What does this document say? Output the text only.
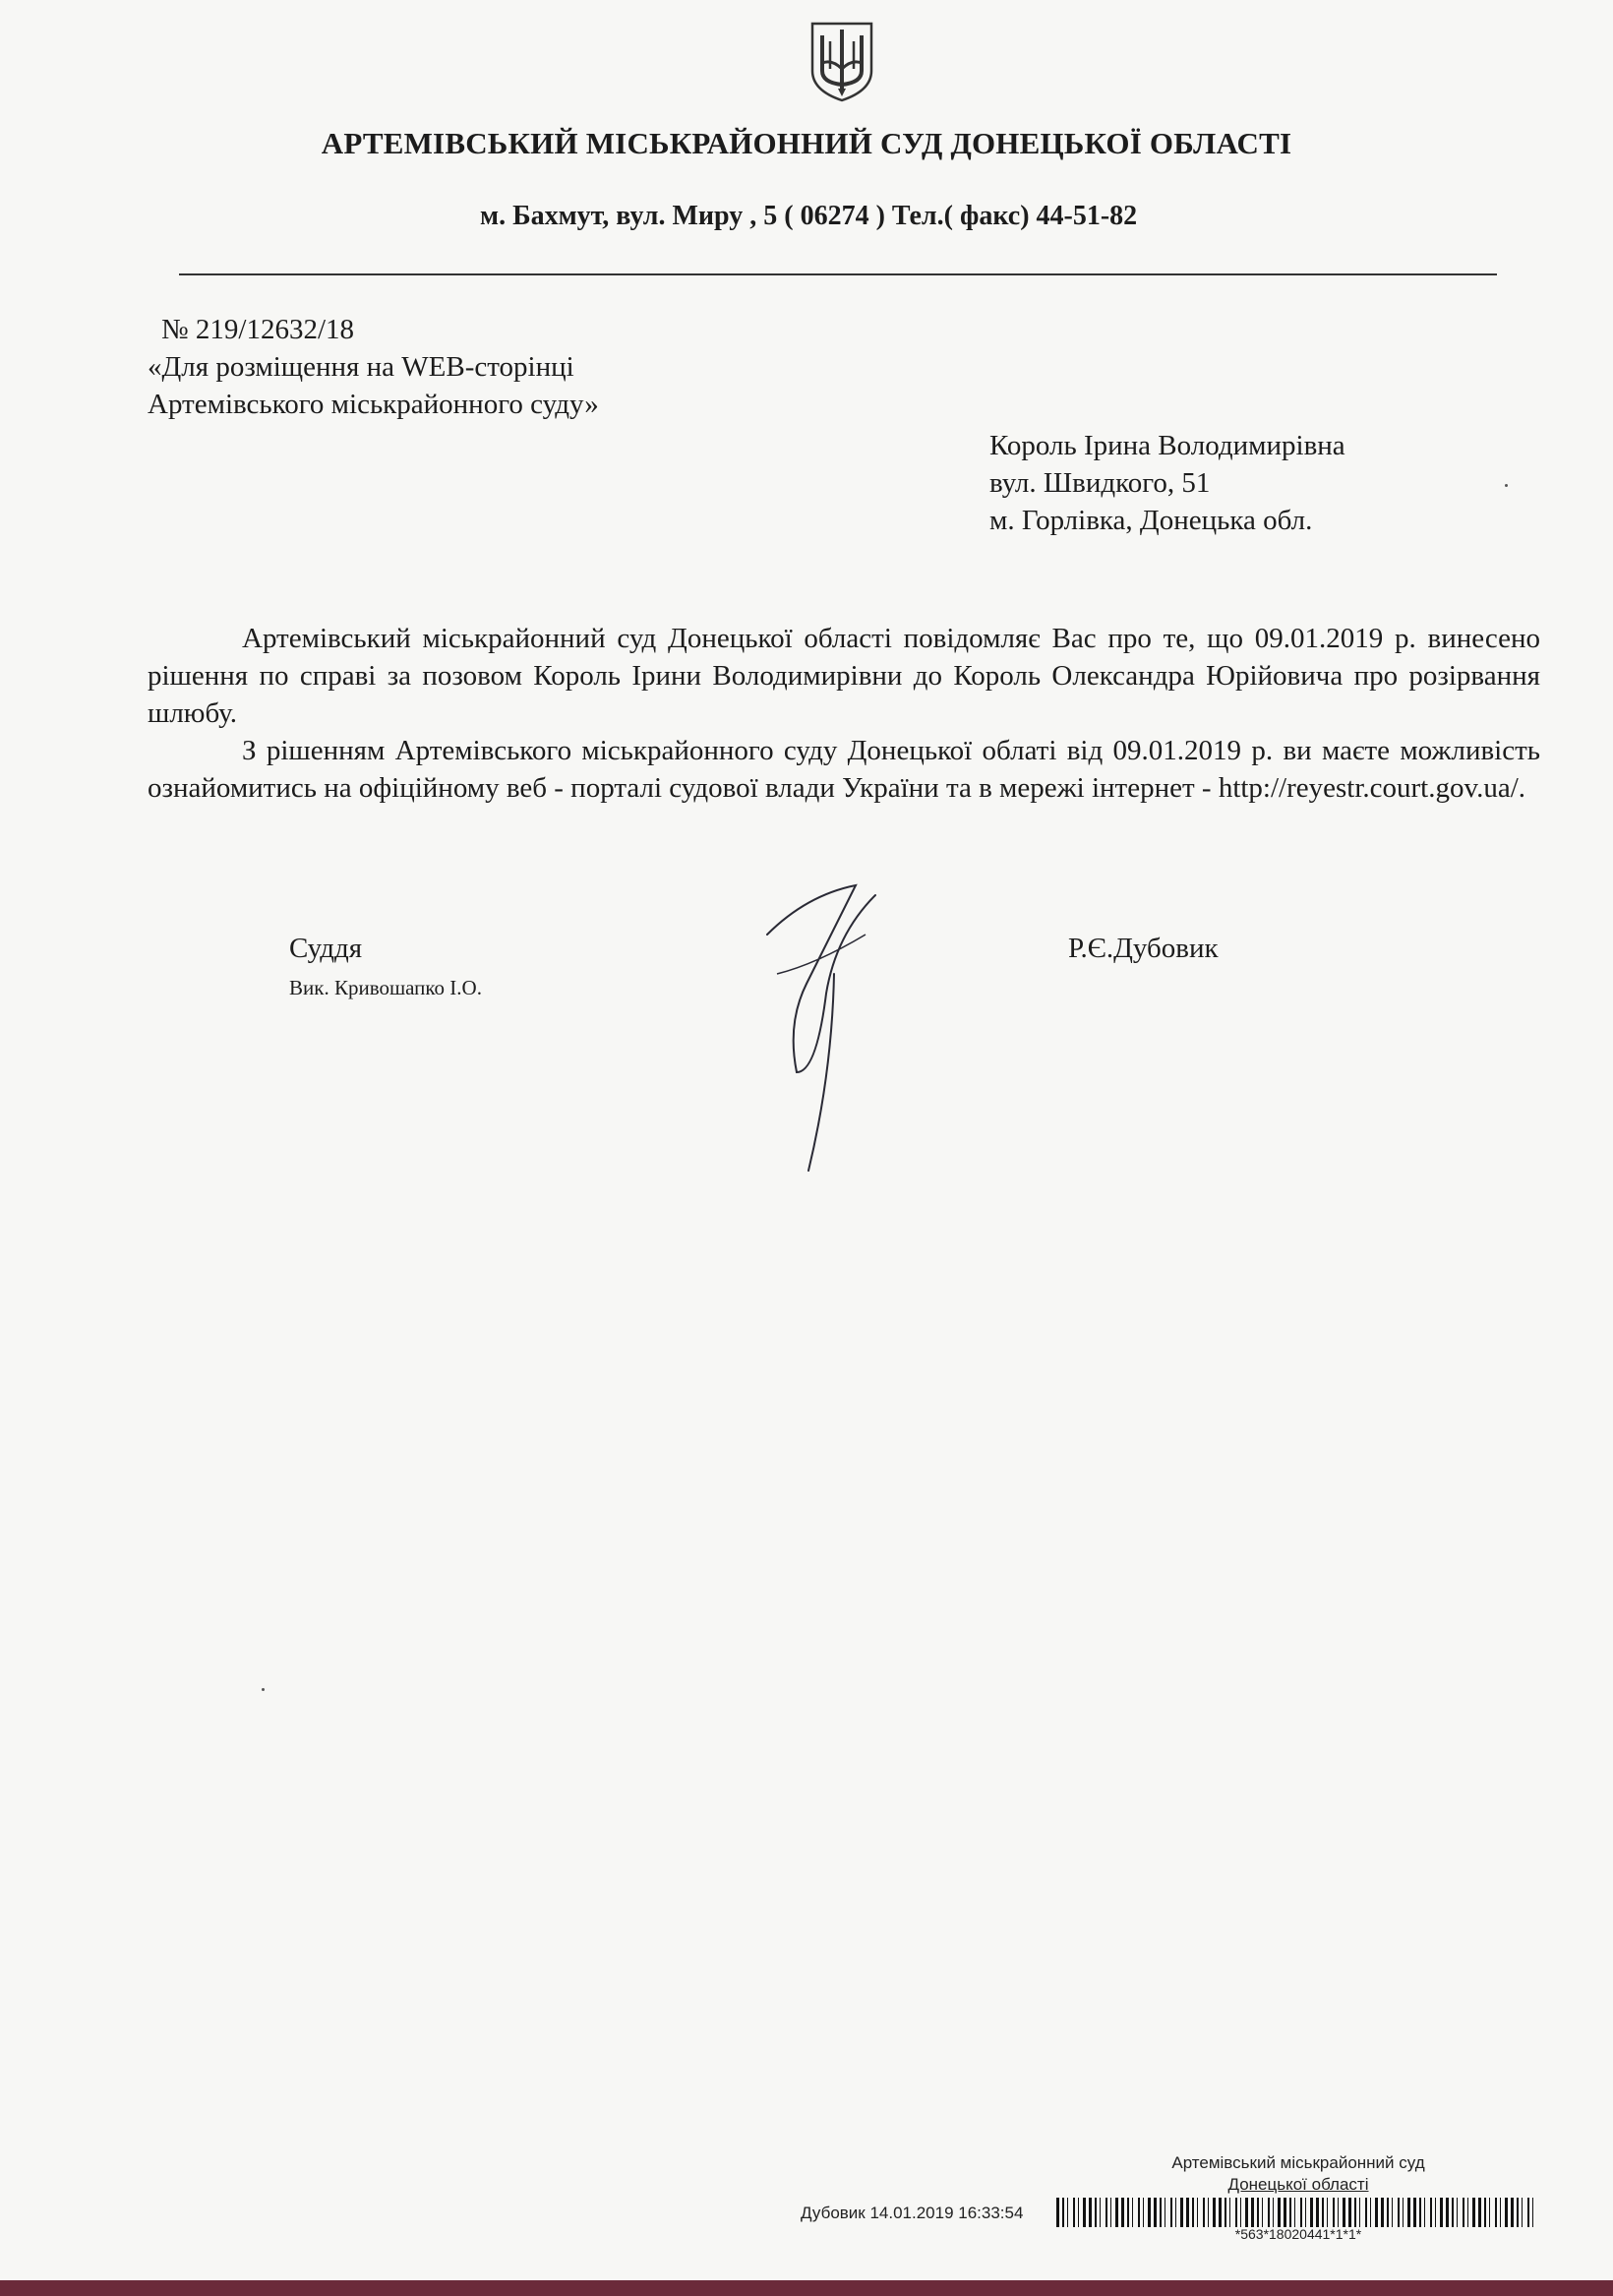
АРТЕМІВСЬКИЙ МІСЬКРАЙОННИЙ СУД ДОНЕЦЬКОЇ ОБЛАСТІ
м. Бахмут, вул. Миру , 5 ( 06274 ) Тел.( факс) 44-51-82
№ 219/12632/18
«Для розміщення на WEB-сторінці
Артемівського міськрайонного суду»
Король Ірина Володимирівна
вул. Швидкого, 51
м. Горлівка, Донецька обл.

Артемівський міськрайонний суд Донецької області повідомляє Вас про те, що 09.01.2019 р. винесено рішення по справі за позовом Король Ірини Володимирівни до Король Олександра Юрійовича про розірвання шлюбу.

З рішенням Артемівського міськрайонного суду Донецької облаті від 09.01.2019 р. ви маєте можливість ознайомитись на офіційному веб - порталі судової влади України та в мережі інтернет - http://reyestr.court.gov.ua/.

Суддя
Вик. Кривошапко І.О.
Р.Є.Дубовик
Артемівський міськрайонний суд
Донецької області
Дубовик 14.01.2019 16:33:54
*563*18020441*1*1*
